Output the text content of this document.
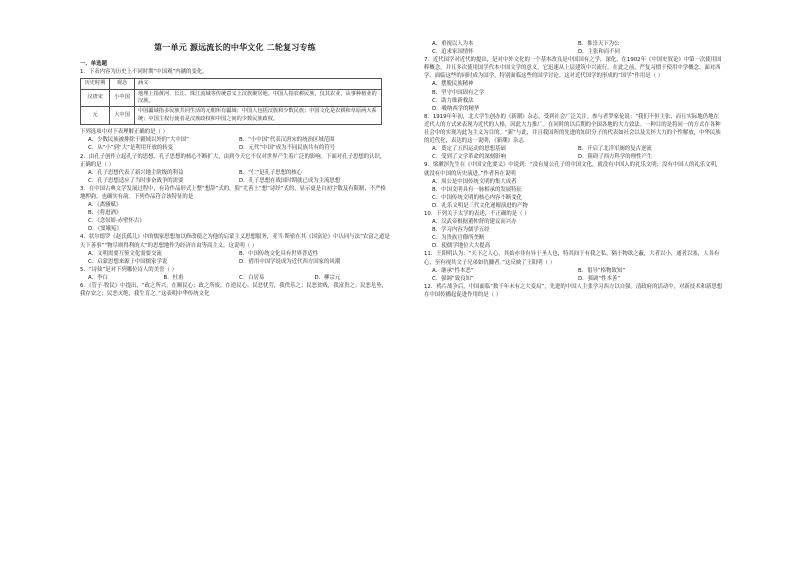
第一单元 源远流长的中华文化 二轮复习专练
一、单选题

1．下表内容为历史上不同时期“中国观”内涵的变化。

历史时期	观念	涵义
汉唐宋	小中国	地理上指黄河、长江、珠江流域等传统意义上汉族聚居地。中国人指农耕民族，仅其农业，从事种植业的汉族。
元	大中国	中国疆域指多民族共同生活的元朝所有疆域；中国人包括汉族和少数民族；中国文化是农耕和草原两大系统；中国主权行使者是汉族政权和中国之间的少数民族政权。

下列选项中对下表理解正确的是（ ）

A．少数民族被排除于疆域以外的“大中国”	B．“小中国”代表汉唐宋的统治区域范围
C．从“小”到“大”是利用开放的转变	D．元代“中国”成为不同民族共有的符号

2．由孔子创作立起孔子的思想，孔子思想的核心不断扩大，由到今天它不仅对世界产生着广泛的影响。下面对孔子思想的认识，正确的是（ ）

A．孔子思想代表了新兴地主阶级的利益	B．“仁”是孔子思想的核心
C．孔子思想适应了当时事奋战争的需要	D．孔子思想在战国时期就已成为主流思想

3．在中国古典文学发展过程中，有诗作品形式上整“想辞”式的，狼“尤善上”想“诗经”式的，显示更是自初字数及有限制，不严格地押韵，也确实有韵。下列作品符合该特征的是

A．《离骚赋》
B．《将进酒》
C．《念奴娇·赤壁怀古》
D．《窦娥冤》

4．状尔德罗《赵氏孤儿》中的儒家思想加以修改使之为他的启蒙主义思想服务，亚当·斯密在其《国富论》中认同与法“农富之道是天下善事”“物尽则得利的大”的思想地作为经济自由等商主义。这说明（ ）

A．文明需要互鉴文化需要交流	B．中国传统文化具有世界普适性
C．启蒙思想来源于中国儒家学说	D．借用中国学说成为近代西方国家的风潮

5．“诗仙”是对下列哪位诗人的美誉（ ）

A．李白	B．杜甫	C．白居易	D．柳宗元

6．《管子·牧民》中提出，“政之所兴，在顺民心；政之所废，在逆民心。民恶忧劳，我佚乐之；民恶贫贱，我富贵之；民恶危坠，我存安之；民恶灭绝，我生育之。”这表明中华传统文化

A．重视以人为本	B．推崇天下为公
C．追求家国情怀	D．主张和而不同

7．近代国学对近代的提出，是对中外文化的一个基本改良是中国国有之学，深化，在1902年《中国史叙论》中第一次使用国粹概念，并且多次使用国学代本中国文学的意义，它迅速从上层建筑中兴流行。在此之前，严复习惯于使用中学概念。面对西学，面临这些的同时成为国学，特别面临这些的国学讨论。这对近代国学的形成的“国学”作用是（ ）

A．摆脱民族精神
B．坚守中国固有之学
C．助力维新救法
D．吸纳西学的精华

8．1919年年初，北大学生创办的《新潮》杂志，受到社会广泛关注。参与者罗家伦说：“我们不但主张，而且实际地仍地在近代人的方式来表现为近代的人格，因此大力推广。在同时的以后期的全国各地的大力效法。一种目的是将同一的方式在各种社会中的实现为此为主义为目的。“新”与此，并且我国所的先进的知识分子的代表如社会以及关怀大力的个性解放，中华民族的近代化，表达的这一说明，《新潮》杂志

A．奠定了五四运动的思想基础	B．开启了北洋军阀的复古逆流
C．受到了文学革命的深刻影响	D．阻碍了西方科学的理性产生

9．梁漱溟先生在《中国文化要义》中说到：“没有周公孔子的中国文化，就没有中国人的礼乐文明；没有中国人的礼乐文明，就没有中国的历史演进。”作者旨在说明

A．周公是中国传统文明的集大成者
B．中国文明具有一脉相承的发展特征
C．中国传统文明的核心内容不断变化
D．礼乐文明是三代文化递嬗演进的产物

10．下列关于太学的表述，不正确的是（ ）

A．汉武帝根据董仲舒的建议而兴办
B．学习内容为儒学五经
C．为贵族官僚所垄断
D．使儒学地位大大提高

11．王阳明认为：“天下之人心，其始亦非有异于圣人也，特其间于有我之私，隔于物欲之蔽，大者以小，通者以塞，人各有心，至有视其父子兄弟如仇雠者。”这反映了王阳明（ ）

A．继承“性本恶”	B．倡导“格物致知”
C．强调“致良知”	D．强调“性本善”

12．鸦片战争后，中国面临“数千年未有之大变局”，先进的中国人主张学习西方以自强。清政府的活动中，对新技术和新思想在中国传播起促进作用的是（ ）
